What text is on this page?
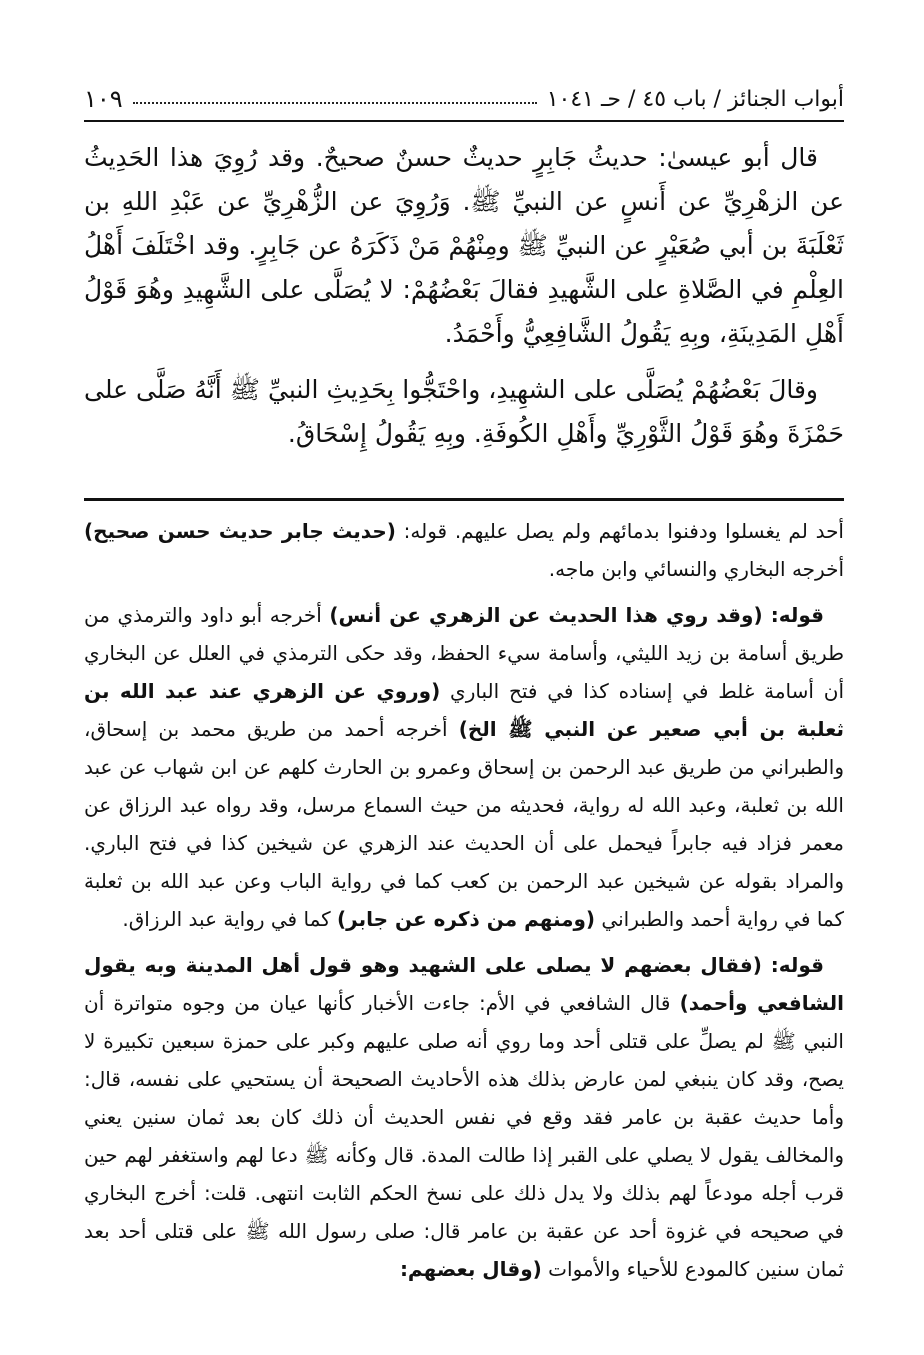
أبواب الجنائز / باب ٤٥ / حـ ١٠٤١
١٠٩

قال أبو عيسىٰ: حديثُ جَابِرٍ حديثٌ حسنٌ صحيحٌ. وقد رُوِيَ هذا الحَدِيثُ عن الزهْرِيِّ عن أَنسٍ عن النبيِّ ﷺ. وَرُوِيَ عن الزُّهْرِيِّ عن عَبْدِ اللهِ بن ثَعْلَبَةَ بن أبي صُعَيْرٍ عن النبيِّ ﷺ ومِنْهُمْ مَنْ ذَكَرَهُ عن جَابِرٍ. وقد اخْتَلَفَ أَهْلُ العِلْمِ في الصَّلاةِ على الشَّهيدِ فقالَ بَعْضُهُمْ: لا يُصَلَّى على الشَّهِيدِ وهُوَ قَوْلُ أَهْلِ المَدِينَةِ، وبِهِ يَقُولُ الشَّافِعِيُّ وأَحْمَدُ.

وقالَ بَعْضُهُمْ يُصَلَّى على الشهِيدِ، واحْتَجُّوا بِحَدِيثِ النبيِّ ﷺ أَنَّهُ صَلَّى على حَمْزَةَ وهُوَ قَوْلُ الثَّوْرِيِّ وأَهْلِ الكُوفَةِ. وبِهِ يَقُولُ إِسْحَاقُ.

أحد لم يغسلوا ودفنوا بدمائهم ولم يصل عليهم. قوله: (حديث جابر حديث حسن صحيح) أخرجه البخاري والنسائي وابن ماجه.

قوله: (وقد روي هذا الحديث عن الزهري عن أنس) أخرجه أبو داود والترمذي من طريق أسامة بن زيد الليثي، وأسامة سيء الحفظ، وقد حكى الترمذي في العلل عن البخاري أن أسامة غلط في إسناده كذا في فتح الباري (وروي عن الزهري عند عبد الله بن ثعلبة بن أبي صعير عن النبي ﷺ الخ) أخرجه أحمد من طريق محمد بن إسحاق، والطبراني من طريق عبد الرحمن بن إسحاق وعمرو بن الحارث كلهم عن ابن شهاب عن عبد الله بن ثعلبة، وعبد الله له رواية، فحديثه من حيث السماع مرسل، وقد رواه عبد الرزاق عن معمر فزاد فيه جابراً فيحمل على أن الحديث عند الزهري عن شيخين كذا في فتح الباري. والمراد بقوله عن شيخين عبد الرحمن بن كعب كما في رواية الباب وعن عبد الله بن ثعلبة كما في رواية أحمد والطبراني (ومنهم من ذكره عن جابر) كما في رواية عبد الرزاق.

قوله: (فقال بعضهم لا يصلى على الشهيد وهو قول أهل المدينة وبه يقول الشافعي وأحمد) قال الشافعي في الأم: جاءت الأخبار كأنها عيان من وجوه متواترة أن النبي ﷺ لم يصلِّ على قتلى أحد وما روي أنه صلى عليهم وكبر على حمزة سبعين تكبيرة لا يصح، وقد كان ينبغي لمن عارض بذلك هذه الأحاديث الصحيحة أن يستحيي على نفسه، قال: وأما حديث عقبة بن عامر فقد وقع في نفس الحديث أن ذلك كان بعد ثمان سنين يعني والمخالف يقول لا يصلي على القبر إذا طالت المدة. قال وكأنه ﷺ دعا لهم واستغفر لهم حين قرب أجله مودعاً لهم بذلك ولا يدل ذلك على نسخ الحكم الثابت انتهى. قلت: أخرج البخاري في صحيحه في غزوة أحد عن عقبة بن عامر قال: صلى رسول الله ﷺ على قتلى أحد بعد ثمان سنين كالمودع للأحياء والأموات (وقال بعضهم:
